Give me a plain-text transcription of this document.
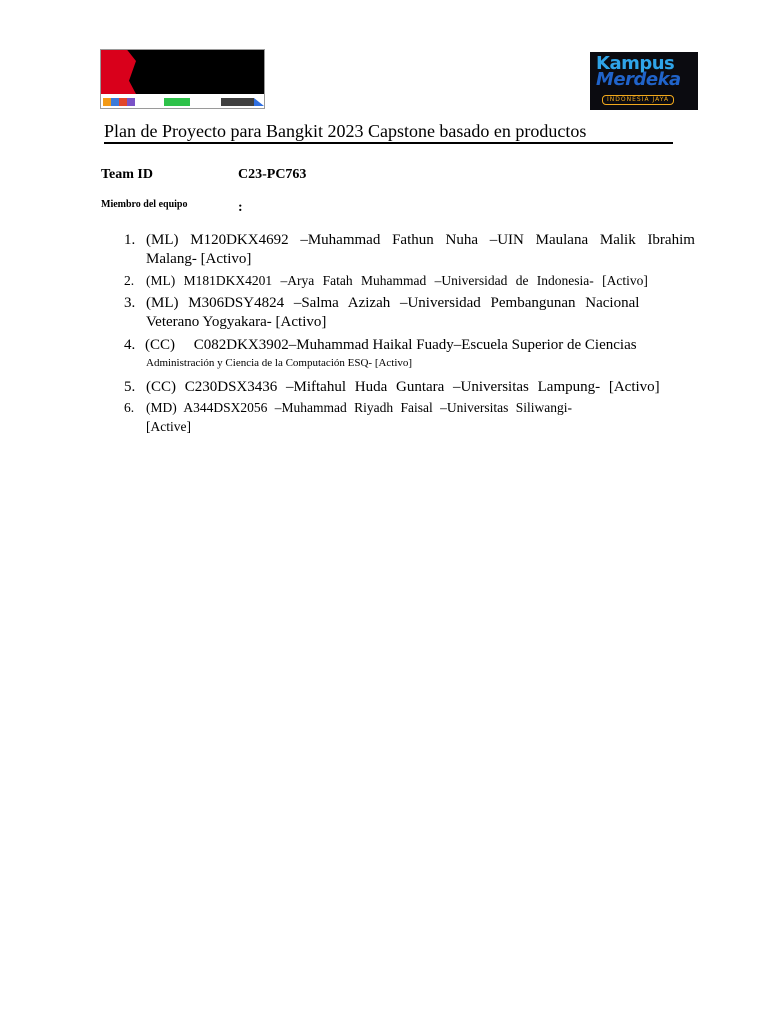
Kampus
Merdeka
INDONESIA JAYA
Plan de Proyecto para Bangkit 2023 Capstone basado en productos
Team ID	C23-PC763
Miembro del equipo	:
1. (ML) M120DKX4692 –Muhammad Fathun Nuha –UIN Maulana Malik Ibrahim
Malang- [Activo]
2. (ML) M181DKX4201 –Arya Fatah Muhammad –Universidad de Indonesia- [Activo]
3. (ML) M306DSY4824 –Salma Azizah –Universidad Pembangunan Nacional
Veterano Yogyakara- [Activo]
4. (CC)     C082DKX3902–Muhammad Haikal Fuady–Escuela Superior de Ciencias
Administración y Ciencia de la Computación ESQ- [Activo]
5. (CC) C230DSX3436 –Miftahul Huda Guntara –Universitas Lampung- [Activo]
6. (MD) A344DSX2056 –Muhammad Riyadh Faisal –Universitas Siliwangi-
[Active]
